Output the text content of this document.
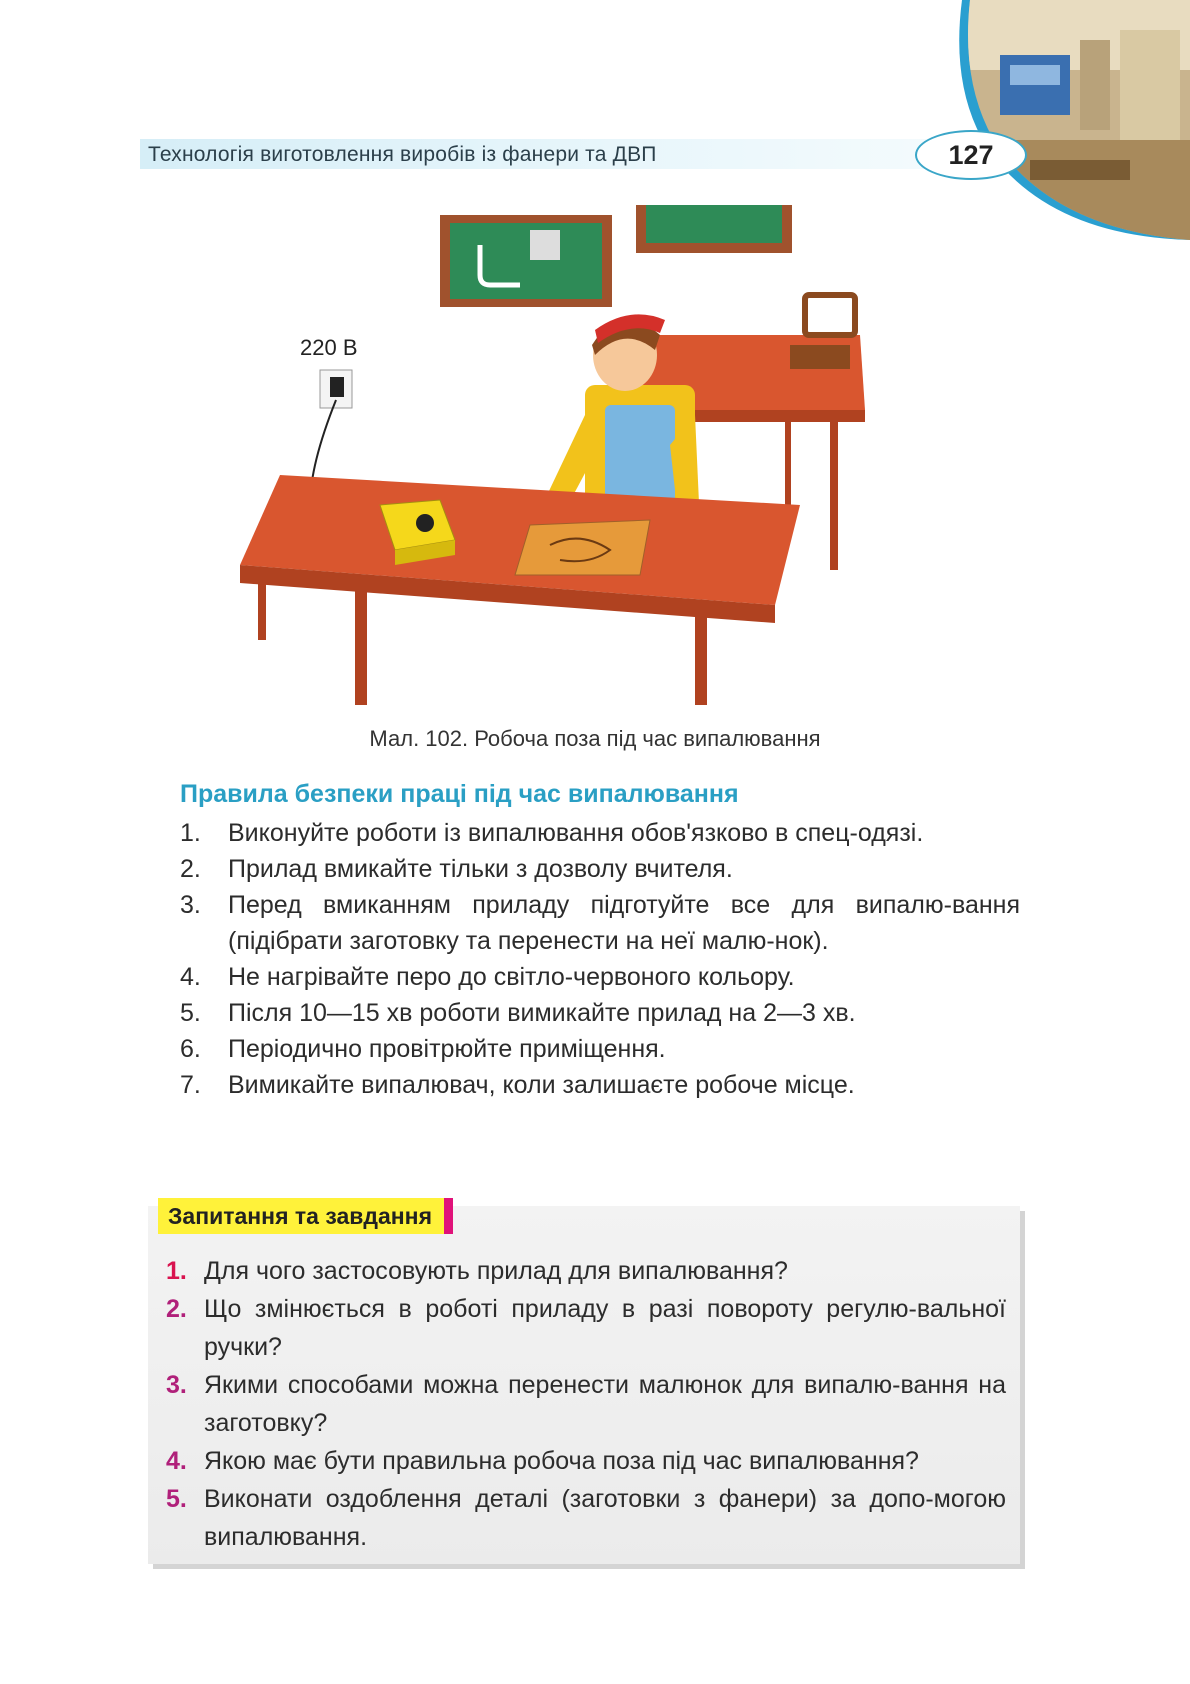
Технологія виготовлення виробів із фанери та ДВП	127
220 В
Мал. 102. Робоча поза під час випалювання
Правила безпеки праці під час випалювання
1.	Виконуйте роботи із випалювання обов'язково в спец-одязі.
2.	Прилад вмикайте тільки з дозволу вчителя.
3.	Перед вмиканням приладу підготуйте все для випалю-вання (підібрати заготовку та перенести на неї малю-нок).
4.	Не нагрівайте перо до світло-червоного кольору.
5.	Після 10—15 хв роботи вимикайте прилад на 2—3 хв.
6.	Періодично провітрюйте приміщення.
7.	Вимикайте випалювач, коли залишаєте робоче місце.
Запитання та завдання
1. Для чого застосовують прилад для випалювання?
2. Що змінюється в роботі приладу в разі повороту регулю-вальної ручки?
3. Якими способами можна перенести малюнок для випалю-вання на заготовку?
4. Якою має бути правильна робоча поза під час випалювання?
5. Виконати оздоблення деталі (заготовки з фанери) за допо-могою випалювання.
